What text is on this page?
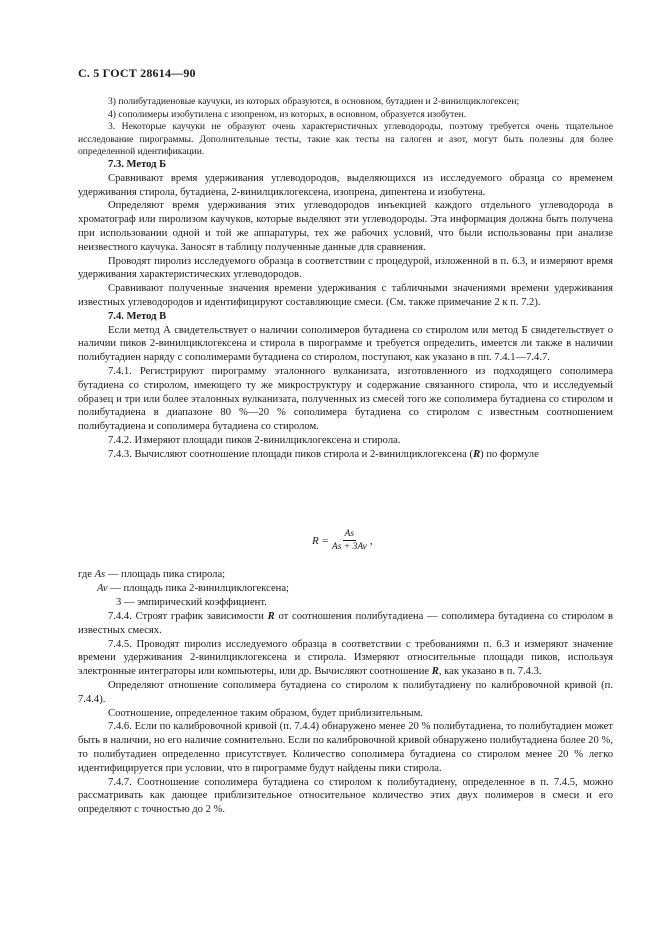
С. 5 ГОСТ 28614—90

3) полибутадиеновые каучуки, из которых образуются, в основном, бутадиен и 2-винилциклогексен;

4) сополимеры изобутилена с изопреном, из которых, в основном, образуется изобутен.

3. Некоторые каучуки не образуют очень характеристичных углеводороды, поэтому требуется очень тщательное исследование пирограммы. Дополнительные тесты, такие как тесты на галоген и азот, могут быть полезны для более определенной идентификации.

7.3. Метод Б

Сравнивают время удерживания углеводородов, выделяющихся из исследуемого образца со временем удерживания стирола, бутадиена, 2-винилциклогексена, изопрена, дипентена и изобутена.

Определяют время удерживания этих углеводородов инъекцией каждого отдельного углеводорода в хроматограф или пиролизом каучуков, которые выделяют эти углеводороды. Эта информация должна быть получена при использовании одной и той же аппаратуры, тех же рабочих условий, что были использованы при анализе неизвестного каучука. Заносят в таблицу полученные данные для сравнения.

Проводят пиролиз исследуемого образца в соответствии с процедурой, изложенной в п. 6.3, и измеряют время удерживания характеристических углеводородов.

Сравнивают полученные значения времени удерживания с табличными значениями времени удерживания известных углеводородов и идентифицируют составляющие смеси. (См. также примечание 2 к п. 7.2).

7.4. Метод В

Если метод А свидетельствует о наличии сополимеров бутадиена со стиролом или метод Б свидетельствует о наличии пиков 2-винилциклогексена и стирола в пирограмме и требуется определить, имеется ли также в наличии полибутадиен наряду с сополимерами бутадиена со стиролом, поступают, как указано в пп. 7.4.1—7.4.7.

7.4.1. Регистрируют пирограмму эталонного вулканизата, изготовленного из подходящего сополимера бутадиена со стиролом, имеющего ту же микроструктуру и содержание связанного стирола, что и исследуемый образец и три или более эталонных вулканизата, полученных из смесей того же сополимера бутадиена со стиролом и полибутадиена в диапазоне 80 %—20 % сополимера бутадиена со стиролом с известным соотношением полибутадиена и сополимера бутадиена со стиролом.

7.4.2. Измеряют площади пиков 2-винилциклогексена и стирола.

7.4.3. Вычисляют соотношение площади пиков стирола и 2-винилциклогексена (R) по формуле

$R = \frac{As}{As + 3Av}$ ,
где As — площадь пика стирола;
Av — площадь пика 2-винилциклогексена;
3 — эмпирический коэффициент.

7.4.4. Строят график зависимости R от соотношения полибутадиена — сополимера бутадиена со стиролом в известных смесях.

7.4.5. Проводят пиролиз исследуемого образца в соответствии с требованиями п. 6.3 и измеряют значение времени удерживания 2-винилциклогексена и стирола. Измеряют относительные площади пиков, используя электронные интеграторы или компьютеры, или др. Вычисляют соотношение R, как указано в п. 7.4.3.

Определяют отношение сополимера бутадиена со стиролом к полибутадиену по калибровочной кривой (п. 7.4.4).

Соотношение, определенное таким образом, будет приблизительным.

7.4.6. Если по калибровочной кривой (п. 7.4.4) обнаружено менее 20 % полибутадиена, то полибутадиен может быть в наличии, но его наличие сомнительно. Если по калибровочной кривой обнаружено полибутадиена более 20 %, то полибутадиен определенно присутствует. Количество сополимера бутадиена со стиролом менее 20 % легко идентифицируется при условии, что в пирограмме будут найдены пики стирола.

7.4.7. Соотношение сополимера бутадиена со стиролом к полибутадиену, определенное в п. 7.4.5, можно рассматривать как дающее приблизительное относительное количество этих двух полимеров в смеси и его определяют с точностью до 2 %.
